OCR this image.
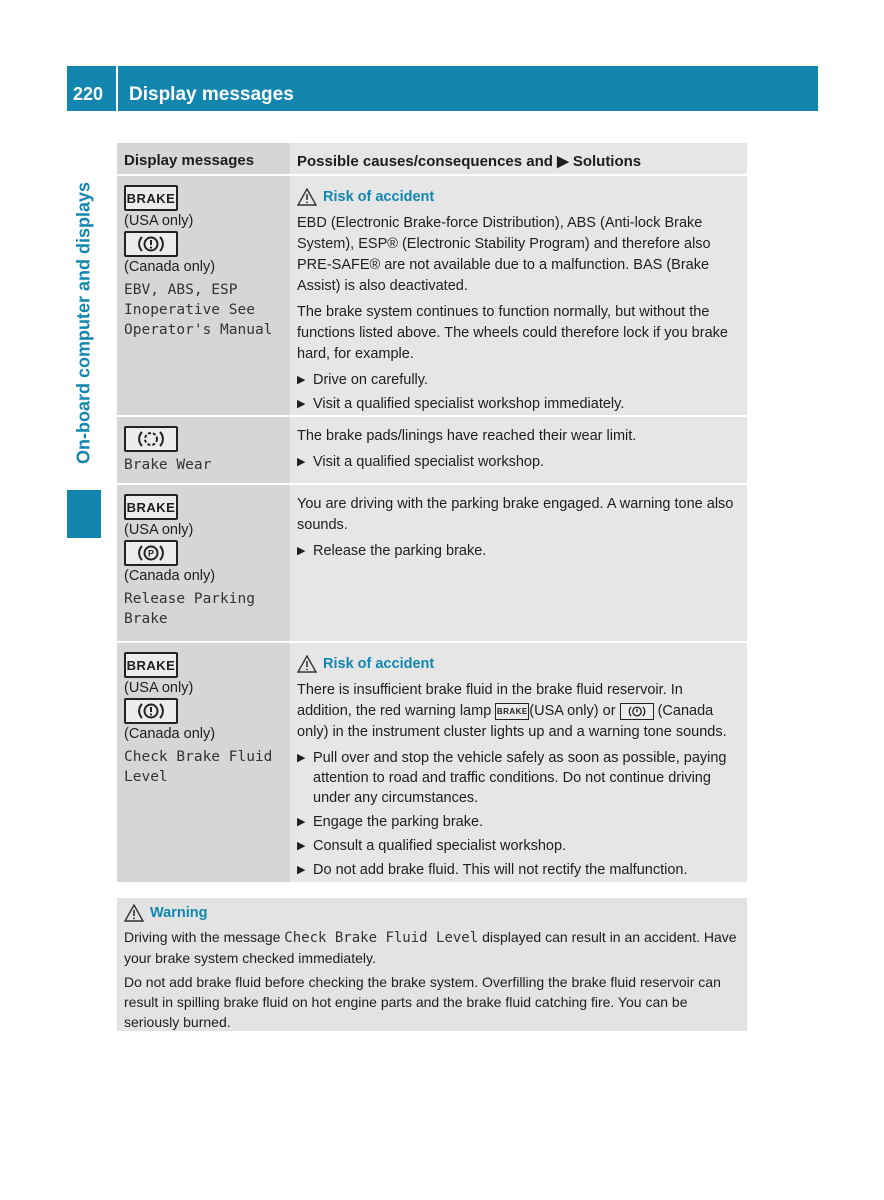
220 Display messages
On-board computer and displays
Display messages	Possible causes/consequences and ▶ Solutions
BRAKE
(USA only)
(Canada only)
EBV, ABS, ESP Inoperative See Operator's Manual
Risk of accident

EBD (Electronic Brake-force Distribution), ABS (Anti-lock Brake System), ESP® (Electronic Stability Program) and therefore also PRE-SAFE® are not available due to a malfunction. BAS (Brake Assist) is also deactivated.

The brake system continues to function normally, but without the functions listed above. The wheels could therefore lock if you brake hard, for example.

▶ Drive on carefully.
▶ Visit a qualified specialist workshop immediately.
Brake Wear

The brake pads/linings have reached their wear limit.

▶ Visit a qualified specialist workshop.
BRAKE
(USA only)
P
(Canada only)
Release Parking Brake

You are driving with the parking brake engaged. A warning tone also sounds.

▶ Release the parking brake.
BRAKE
(USA only)
(Canada only)
Check Brake Fluid Level
Risk of accident

There is insufficient brake fluid in the brake fluid reservoir. In addition, the red warning lamp BRAKE (USA only) or	(Canada only) in the instrument cluster lights up and a warning tone sounds.

▶ Pull over and stop the vehicle safely as soon as possible, paying attention to road and traffic conditions. Do not continue driving under any circumstances.
▶ Engage the parking brake.
▶ Consult a qualified specialist workshop.
▶ Do not add brake fluid. This will not rectify the malfunction.
Warning

Driving with the message Check Brake Fluid Level displayed can result in an accident. Have your brake system checked immediately.

Do not add brake fluid before checking the brake system. Overfilling the brake fluid reservoir can result in spilling brake fluid on hot engine parts and the brake fluid catching fire. You can be seriously burned.
